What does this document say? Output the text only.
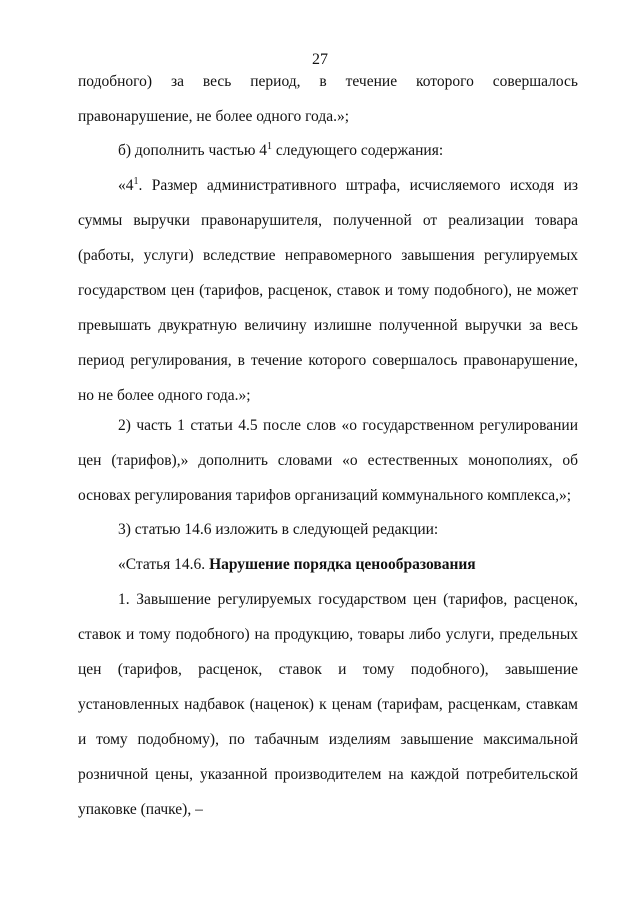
27

подобного) за весь период, в течение которого совершалось правонарушение, не более одного года.»;

б) дополнить частью $4^1$ следующего содержания:

«$4^1$. Размер административного штрафа, исчисляемого исходя из суммы выручки правонарушителя, полученной от реализации товара (работы, услуги) вследствие неправомерного завышения регулируемых государством цен (тарифов, расценок, ставок и тому подобного), не может превышать двукратную величину излишне полученной выручки за весь период регулирования, в течение которого совершалось правонарушение, но не более одного года.»;

2) часть 1 статьи 4.5 после слов «о государственном регулировании цен (тарифов),» дополнить словами «о естественных монополиях, об основах регулирования тарифов организаций коммунального комплекса,»;

3) статью 14.6 изложить в следующей редакции:

«Статья 14.6. Нарушение порядка ценообразования

1. Завышение регулируемых государством цен (тарифов, расценок, ставок и тому подобного) на продукцию, товары либо услуги, предельных цен (тарифов, расценок, ставок и тому подобного), завышение установленных надбавок (наценок) к ценам (тарифам, расценкам, ставкам и тому подобному), по табачным изделиям завышение максимальной розничной цены, указанной производителем на каждой потребительской упаковке (пачке), –
